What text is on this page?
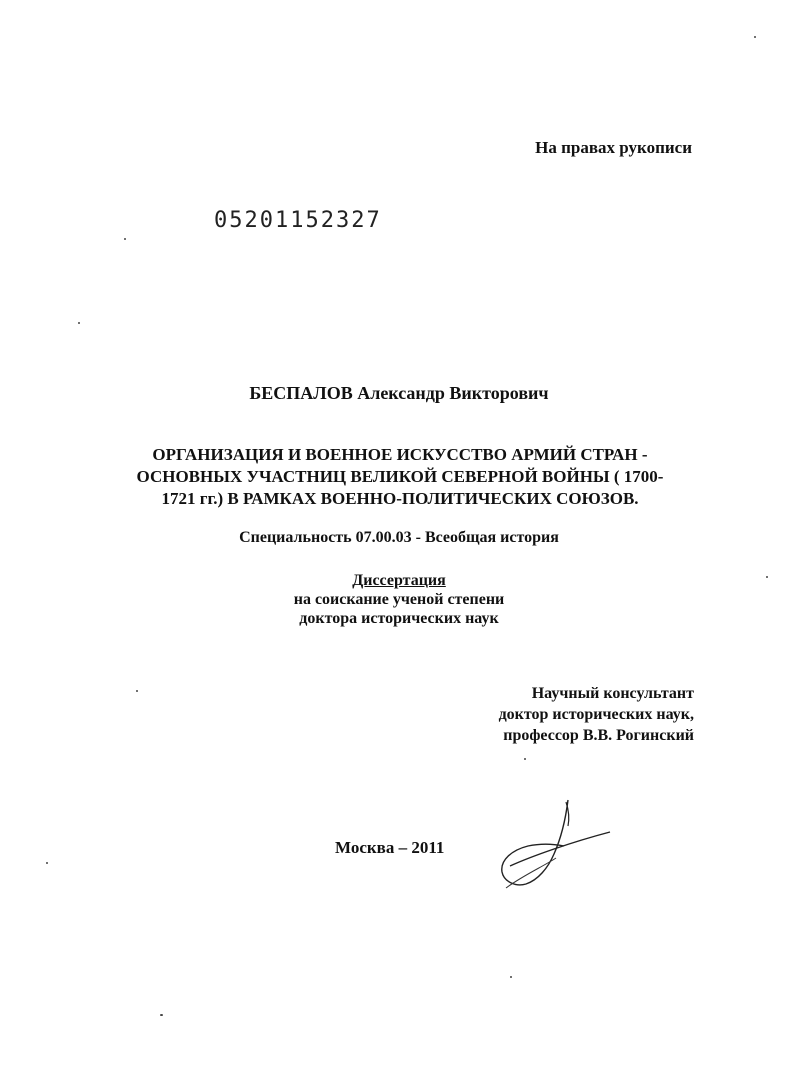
На правах рукописи
05201152327
БЕСПАЛОВ Александр Викторович
ОРГАНИЗАЦИЯ И ВОЕННОЕ ИСКУССТВО АРМИЙ СТРАН -
ОСНОВНЫХ УЧАСТНИЦ ВЕЛИКОЙ СЕВЕРНОЙ ВОЙНЫ ( 1700-
1721 гг.) В РАМКАХ ВОЕННО-ПОЛИТИЧЕСКИХ СОЮЗОВ.
Специальность 07.00.03 - Всеобщая история
Диссертация
на соискание ученой степени
доктора исторических наук
Научный консультант
доктор исторических наук,
профессор В.В. Рогинский
Москва – 2011
